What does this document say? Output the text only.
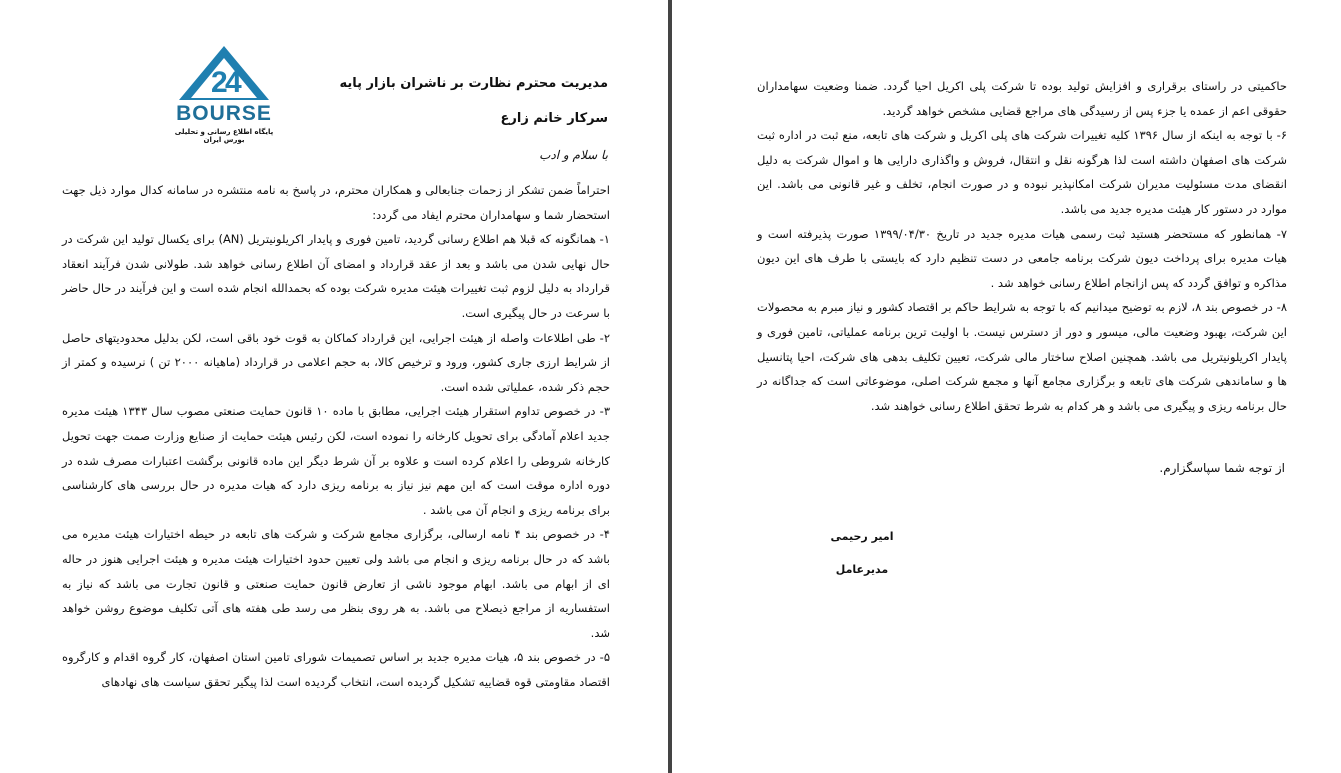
2
4
BOURSE
پایگاه اطلاع رسانی و تحلیلی بورس ایران
مدیریت محترم نظارت بر ناشران بازار پایه
سرکار خانم زارع
با سلام و ادب

احتراماً ضمن تشکر از زحمات جنابعالی و همکاران محترم، در پاسخ به نامه منتشره در سامانه کدال موارد ذیل جهت استحضار شما و سهامداران محترم ایفاد می گردد:

۱- همانگونه که قبلا هم اطلاع رسانی گردید، تامین فوری و پایدار اکریلونیتریل (AN) برای یکسال تولید این شرکت در حال نهایی شدن می باشد و بعد از عقد قرارداد و امضای آن اطلاع رسانی خواهد شد. طولانی شدن فرآیند انعقاد قرارداد به دلیل لزوم ثبت تغییرات هیئت مدیره شرکت بوده که بحمدالله انجام شده است و این فرآیند در حال حاضر با سرعت در حال پیگیری است.

۲- طی اطلاعات واصله از هیئت اجرایی، این قرارداد کماکان به قوت خود باقی است، لکن بدلیل محدودیتهای حاصل از شرایط ارزی جاری کشور، ورود و ترخیص کالا، به حجم اعلامی در قرارداد (ماهیانه ۲۰۰۰ تن ) نرسیده و کمتر از حجم ذکر شده، عملیاتی شده است.

۳- در خصوص تداوم استقرار هیئت اجرایی، مطابق با ماده ۱۰ قانون حمایت صنعتی مصوب سال ۱۳۴۳ هیئت مدیره جدید اعلام آمادگی برای تحویل کارخانه را نموده است، لکن رئیس هیئت حمایت از صنایع وزارت صمت جهت تحویل کارخانه شروطی را اعلام کرده است و علاوه بر آن شرط دیگر این ماده قانونی برگشت اعتبارات مصرف شده در دوره اداره موقت است که این مهم نیز نیاز به برنامه ریزی دارد که هیات مدیره در حال بررسی های کارشناسی برای برنامه ریزی و انجام آن می باشد .

۴- در خصوص بند ۴ نامه ارسالی، برگزاری مجامع شرکت و شرکت های تابعه در حیطه اختیارات هیئت مدیره می باشد که در حال برنامه ریزی و انجام می باشد ولی تعیین حدود اختیارات هیئت مدیره و هیئت اجرایی هنوز در حاله ای از ابهام می باشد. ابهام موجود ناشی از تعارض قانون حمایت صنعتی و قانون تجارت می باشد که نیاز به استفساریه از مراجع ذیصلاح می باشد. به هر روی بنظر می رسد طی هفته های آتی تکلیف موضوع روشن خواهد شد.

۵- در خصوص بند ۵، هیات مدیره جدید بر اساس تصمیمات شورای تامین استان اصفهان، کار گروه اقدام و کارگروه اقتصاد مقاومتی قوه قضاییه تشکیل گردیده است، انتخاب گردیده است لذا پیگیر تحقق سیاست های نهادهای

حاکمیتی در راستای برقراری و افزایش تولید بوده تا شرکت پلی اکریل احیا گردد. ضمنا وضعیت سهامداران حقوقی اعم از عمده یا جزء پس از رسیدگی های مراجع قضایی مشخص خواهد گردید.

۶- با توجه به اینکه از سال ۱۳۹۶ کلیه تغییرات شرکت های پلی اکریل و شرکت های تابعه، منع ثبت در اداره ثبت شرکت های اصفهان داشته است لذا هرگونه نقل و انتقال، فروش و واگذاری دارایی ها و اموال شرکت به دلیل انقضای مدت مسئولیت مدیران شرکت امکانپذیر نبوده و در صورت انجام، تخلف و غیر قانونی می باشد. این موارد در دستور کار هیئت مدیره جدید می باشد.

۷- همانطور که مستحضر هستید ثبت رسمی هیات مدیره جدید در تاریخ ۱۳۹۹/۰۴/۳۰ صورت پذیرفته است و هیات مدیره برای پرداخت دیون شرکت برنامه جامعی در دست تنظیم دارد که بایستی با طرف های این دیون مذاکره و توافق گردد که پس ازانجام اطلاع رسانی خواهد شد .

۸- در خصوص بند ۸، لازم به توضیح میدانیم که با توجه به شرایط حاکم بر اقتصاد کشور و نیاز مبرم به محصولات این شرکت، بهبود وضعیت مالی، میسور و دور از دسترس نیست. با اولیت ترین برنامه عملیاتی، تامین فوری و پایدار اکریلونیتریل می باشد. همچنین اصلاح ساختار مالی شرکت، تعیین تکلیف بدهی های شرکت، احیا پتانسیل ها و ساماندهی شرکت های تابعه و برگزاری مجامع آنها و مجمع شرکت اصلی، موضوعاتی است که جداگانه در حال برنامه ریزی و پیگیری می باشد و هر کدام به شرط تحقق اطلاع رسانی خواهند شد.

از توجه شما سپاسگزارم.
امیر رحیمی
مدیرعامل
